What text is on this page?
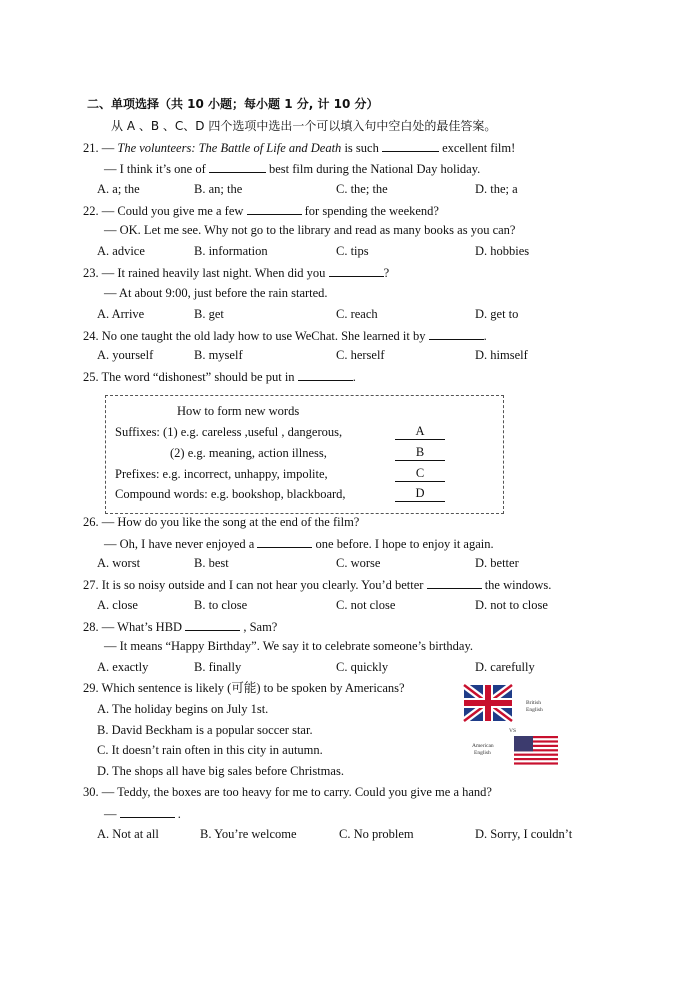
二、单项选择（共 10 小题；每小题 1 分, 计 10 分）
从 A 、B 、C、D 四个选项中选出一个可以填入句中空白处的最佳答案。
21. — The volunteers: The Battle of Life and Death is such	excellent film!
— I think it’s one of	best film during the National Day holiday.
A. a; the	B. an; the	C. the; the	D. the; a
22. — Could you give me a few	for spending the weekend?
— OK. Let me see. Why not go to the library and read as many books as you can?
A. advice	B. information	C. tips	D. hobbies
23. — It rained heavily last night. When did you	?
— At about 9:00, just before the rain started.
A. Arrive	B. get	C. reach	D. get to
24. No one taught the old lady how to use WeChat. She learned it by	.
A. yourself	B. myself	C. herself	D. himself
25. The word “dishonest” should be put in	.
How to form new words
Suffixes: (1) e.g. careless ,useful , dangerous,	A
(2) e.g. meaning, action illness,	B
Prefixes: e.g. incorrect, unhappy, impolite,	C
Compound words: e.g. bookshop, blackboard,	D
26. — How do you like the song at the end of the film?
— Oh, I have never enjoyed a	one before. I hope to enjoy it again.
A. worst	B. best	C. worse	D. better
27. It is so noisy outside and I can not hear you clearly. You’d better	the windows.
A. close	B. to close	C. not close	D. not to close
28. — What’s HBD	, Sam?
— It means “Happy Birthday”. We say it to celebrate someone’s birthday.
A. exactly	B. finally	C. quickly	D. carefully
29. Which sentence is likely (可能) to be spoken by Americans?
A. The holiday begins on July 1st.
B. David Beckham is a popular soccer star.
C. It doesn’t rain often in this city in autumn.
D. The shops all have big sales before Christmas.
British
English
VS
American
English
30. — Teddy, the boxes are too heavy for me to carry. Could you give me a hand?
—	.
A. Not at all	B. You’re welcome	C. No problem	D. Sorry, I couldn’t
